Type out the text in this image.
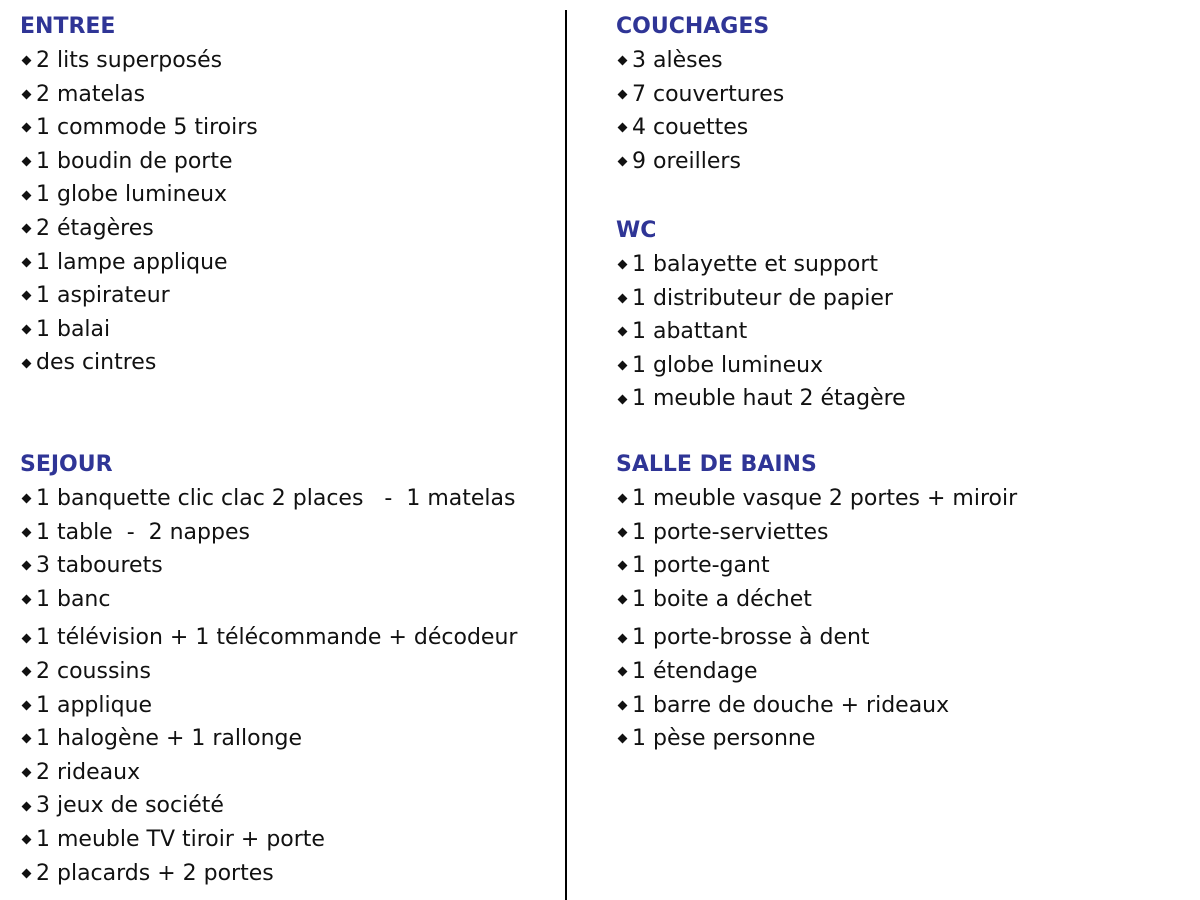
ENTREE
2 lits superposés
2 matelas
1 commode 5 tiroirs
1 boudin de porte
1 globe lumineux
2 étagères
1 lampe applique
1 aspirateur
1 balai
des cintres
SEJOUR
1 banquette clic clac 2 places   -  1 matelas
1 table  -  2 nappes
3 tabourets
1 banc
1 télévision + 1 télécommande + décodeur
2 coussins
1 applique
1 halogène + 1 rallonge
2 rideaux
3 jeux de société
1 meuble TV tiroir + porte
2 placards + 2 portes
COUCHAGES
3 alèses
7 couvertures
4 couettes
9 oreillers
WC
1 balayette et support
1 distributeur de papier
1 abattant
1 globe lumineux
1 meuble haut 2 étagère
SALLE DE BAINS
1 meuble vasque 2 portes + miroir
1 porte-serviettes
1 porte-gant
1 boite a déchet
1 porte-brosse à dent
1 étendage
1 barre de douche + rideaux
1 pèse personne
